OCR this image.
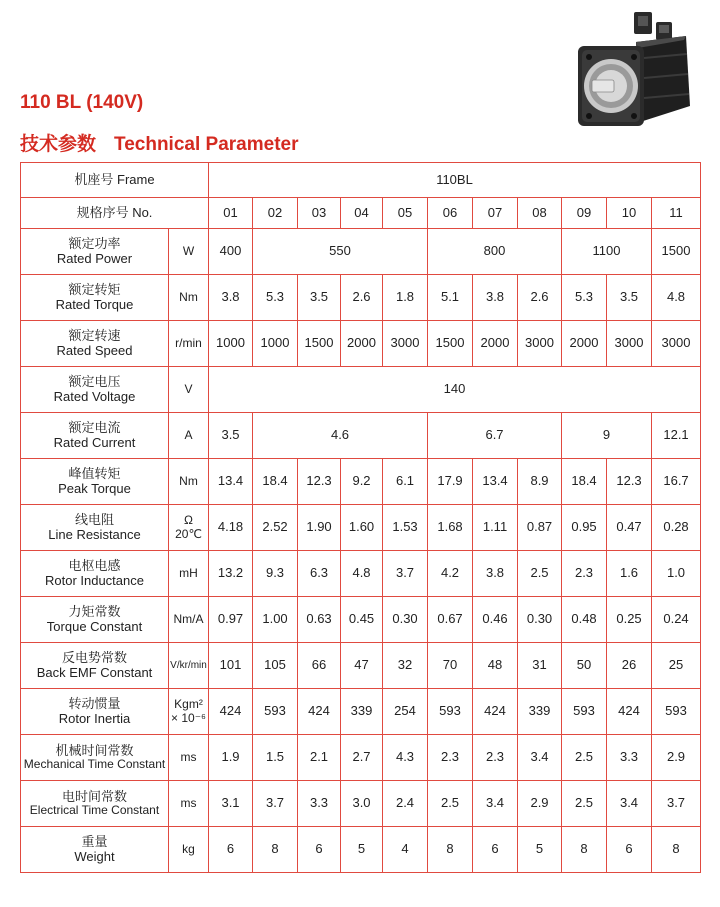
110 BL (140V)
技术参数 Technical Parameter
机座号 Frame		110BL										
规格序号 No.		01	02	03	04	05	06	07	08	09	10	11

额定功率
Rated Power	W	400	550				800			1100		1500

额定转矩
Rated Torque	Nm	3.8	5.3	3.5	2.6	1.8	5.1	3.8	2.6	5.3	3.5	4.8

额定转速
Rated Speed	r/min	1000	1000	1500	2000	3000	1500	2000	3000	2000	3000	3000

额定电压
Rated Voltage	V	140										

额定电流
Rated Current	A	3.5	4.6				6.7			9		12.1

峰值转矩
Peak Torque	Nm	13.4	18.4	12.3	9.2	6.1	17.9	13.4	8.9	18.4	12.3	16.7

线电阻
Line Resistance	Ω
20℃	4.18	2.52	1.90	1.60	1.53	1.68	1.11	0.87	0.95	0.47	0.28

电枢电感
Rotor Inductance	mH	13.2	9.3	6.3	4.8	3.7	4.2	3.8	2.5	2.3	1.6	1.0

力矩常数
Torque Constant	Nm/A	0.97	1.00	0.63	0.45	0.30	0.67	0.46	0.30	0.48	0.25	0.24

反电势常数
Back EMF Constant	V/kr/min	101	105	66	47	32	70	48	31	50	26	25

转动惯量
Rotor Inertia	Kgm²
× 10⁻⁶	424	593	424	339	254	593	424	339	593	424	593

机械时间常数
Mechanical Time Constant	ms	1.9	1.5	2.1	2.7	4.3	2.3	2.3	3.4	2.5	3.3	2.9

电时间常数
Electrical Time Constant	ms	3.1	3.7	3.3	3.0	2.4	2.5	3.4	2.9	2.5	3.4	3.7

重量
Weight	kg	6	8	6	5	4	8	6	5	8	6	8
